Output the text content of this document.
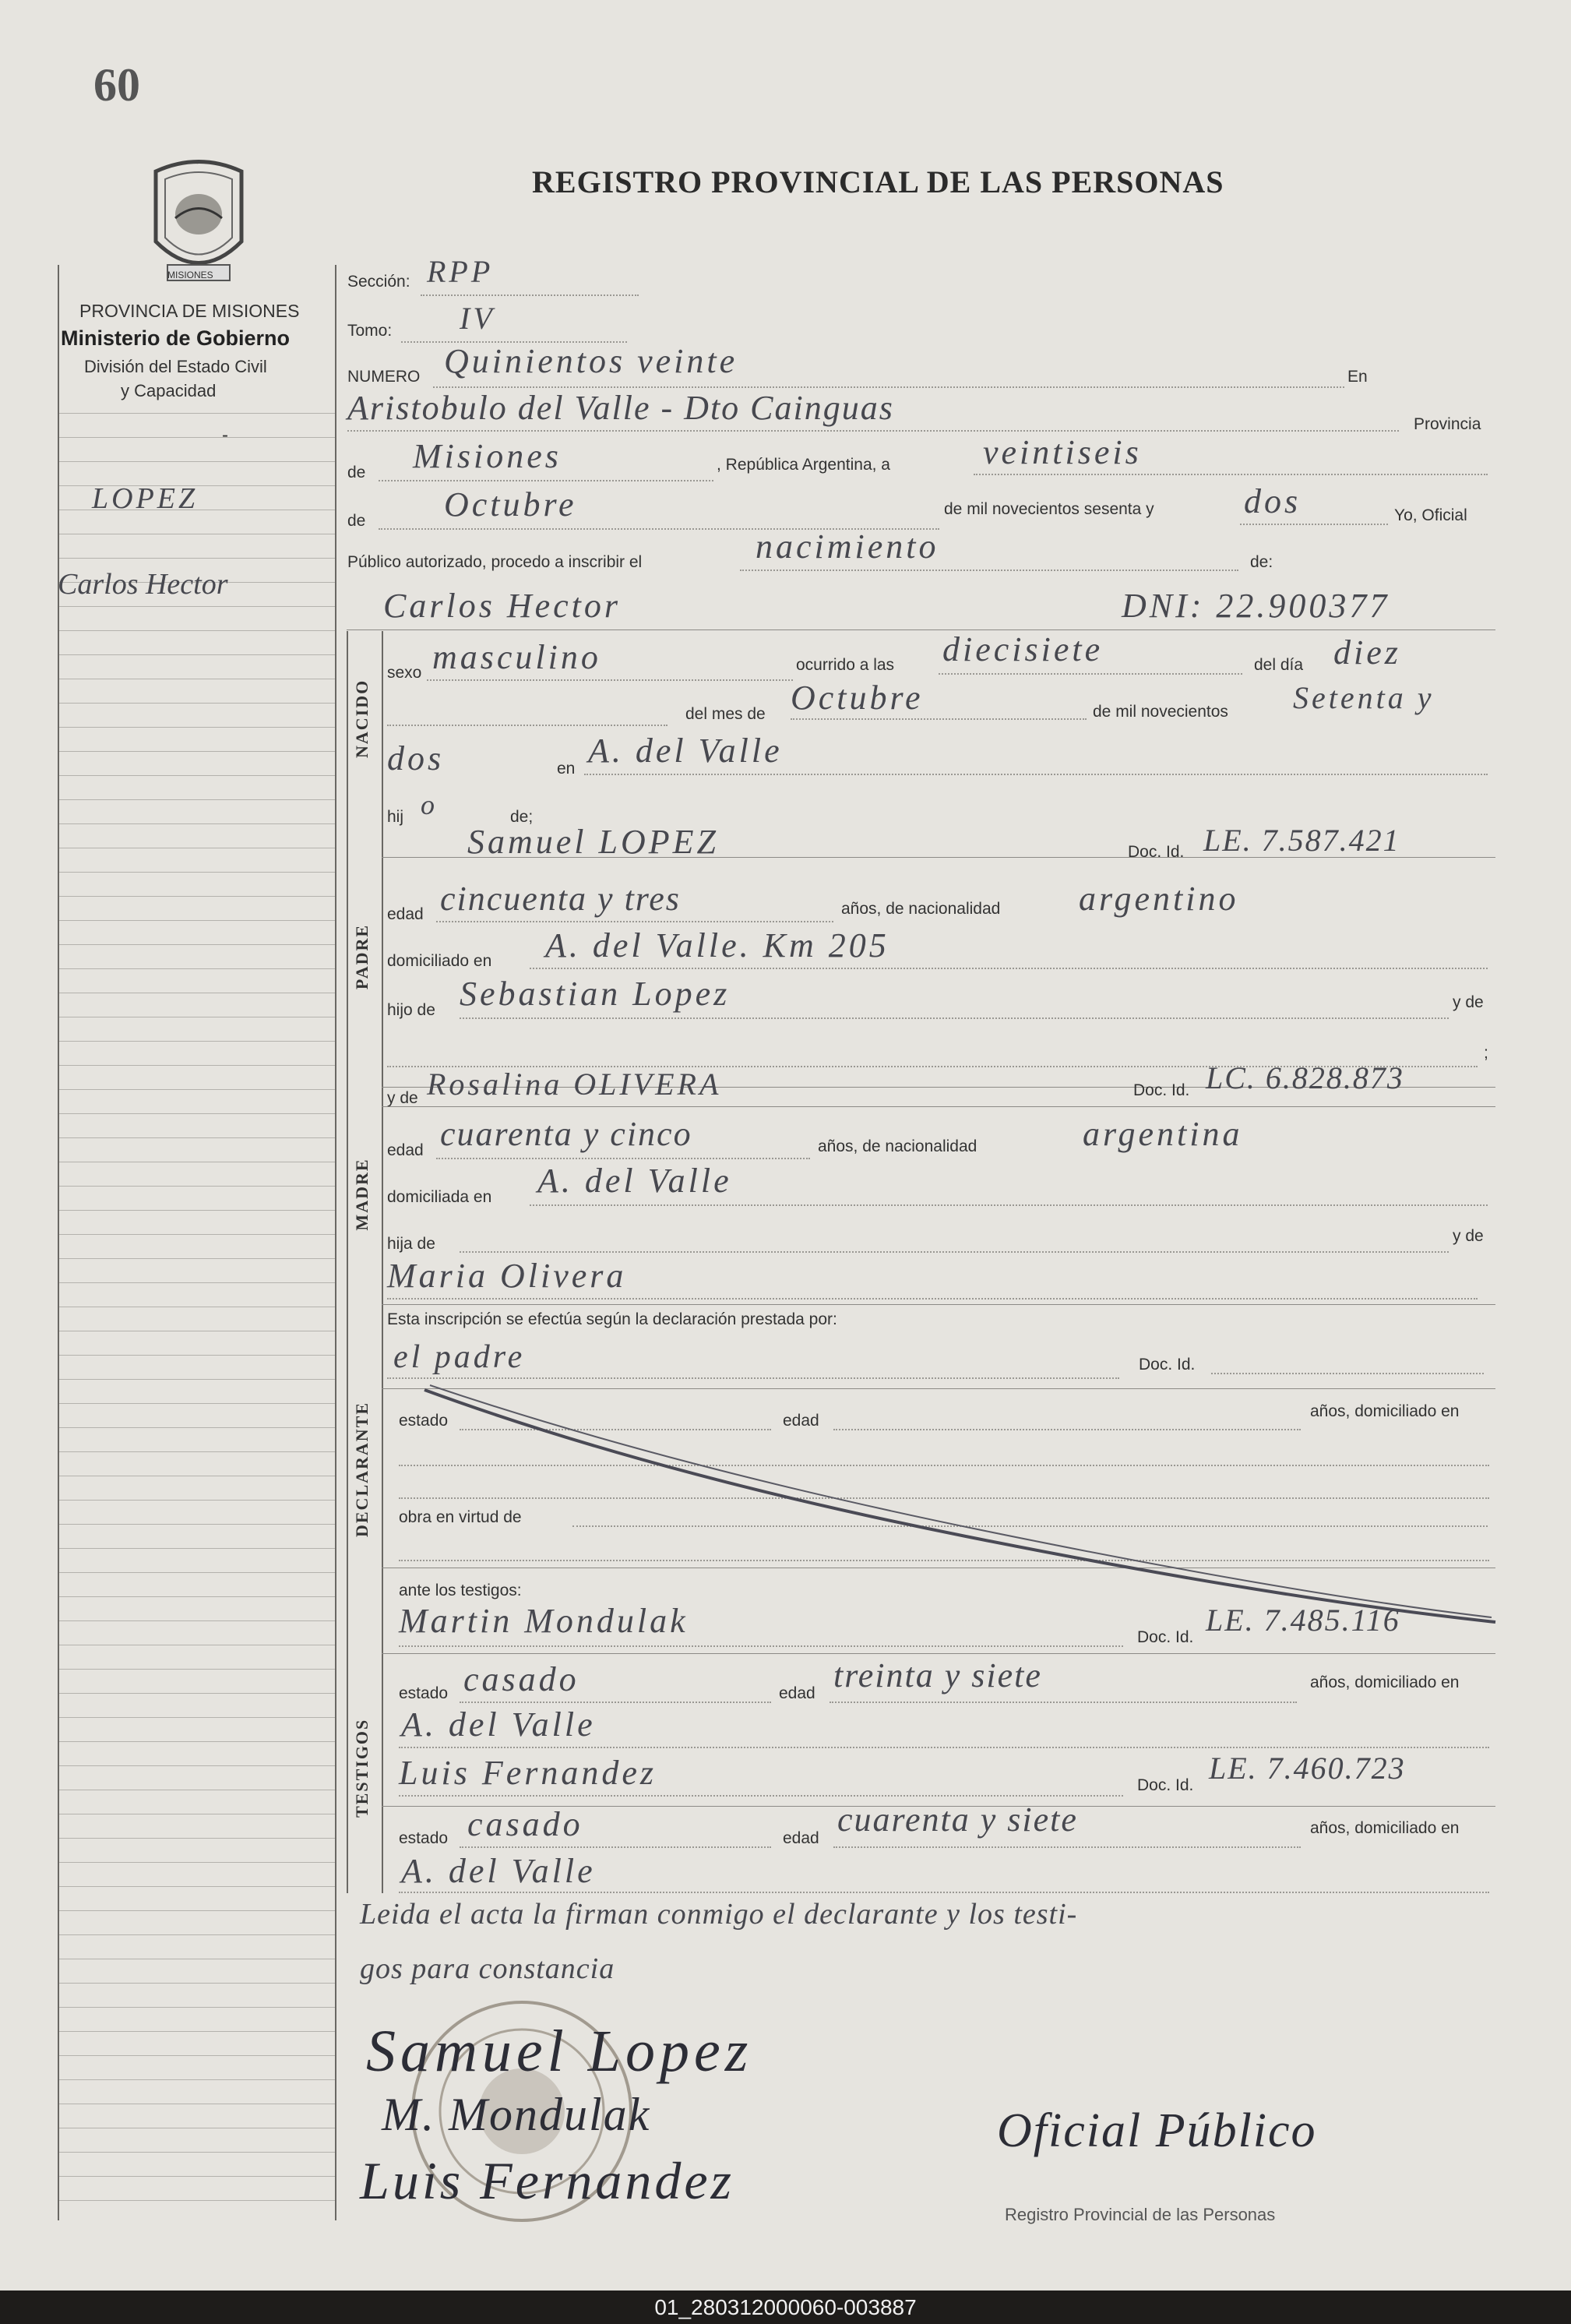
60
REGISTRO PROVINCIAL DE LAS PERSONAS
MISIONES
PROVINCIA DE MISIONES
Ministerio de Gobierno
División del Estado Civil
y Capacidad
-
LOPEZ
Carlos Hector
Sección: RPP
Tomo: IV
NUMERO Quinientos veinte	En
Aristobulo del Valle - Dto Cainguas	Provincia
de Misiones	, República Argentina, a	veintiseis
de Octubre	de mil novecientos sesenta y	dos	Yo, Oficial
Público autorizado, procedo a inscribir el	nacimiento	de:
Carlos Hector	DNI: 22.900377
NACIDO
sexo masculino	ocurrido a las diecisiete	del día diez
del mes de Octubre	de mil novecientos Setenta y
dos	en A. del Valle
hij o	de;
Samuel LOPEZ	Doc. Id. LE. 7.587.421
PADRE
edad cincuenta y tres	años, de nacionalidad argentino
domiciliado en A. del Valle. Km 205
hijo de Sebastian Lopez	y de
;
y de Rosalina OLIVERA	Doc. Id. LC. 6.828.873
MADRE
edad cuarenta y cinco	años, de nacionalidad	argentina
domiciliada en A. del Valle
hija de	y de
Maria Olivera
Esta inscripción se efectúa según la declaración prestada por:
DECLARANTE
el padre	Doc. Id.
estado	edad
años, domiciliado en
obra en virtud de
ante los testigos:
Martin Mondulak	Doc. Id. LE. 7.485.116
TESTIGOS
estado casado	edad treinta y siete	años, domiciliado en
A. del Valle
Luis Fernandez	Doc. Id. LE. 7.460.723
estado casado	edad cuarenta y siete	años, domiciliado en
A. del Valle
Leida el acta la firman conmigo el declarante y los testi-
gos para constancia
Samuel Lopez
M. Mondulak
Luis Fernandez
Oficial Público
Registro Provincial de las Personas
01_280312000060-003887
